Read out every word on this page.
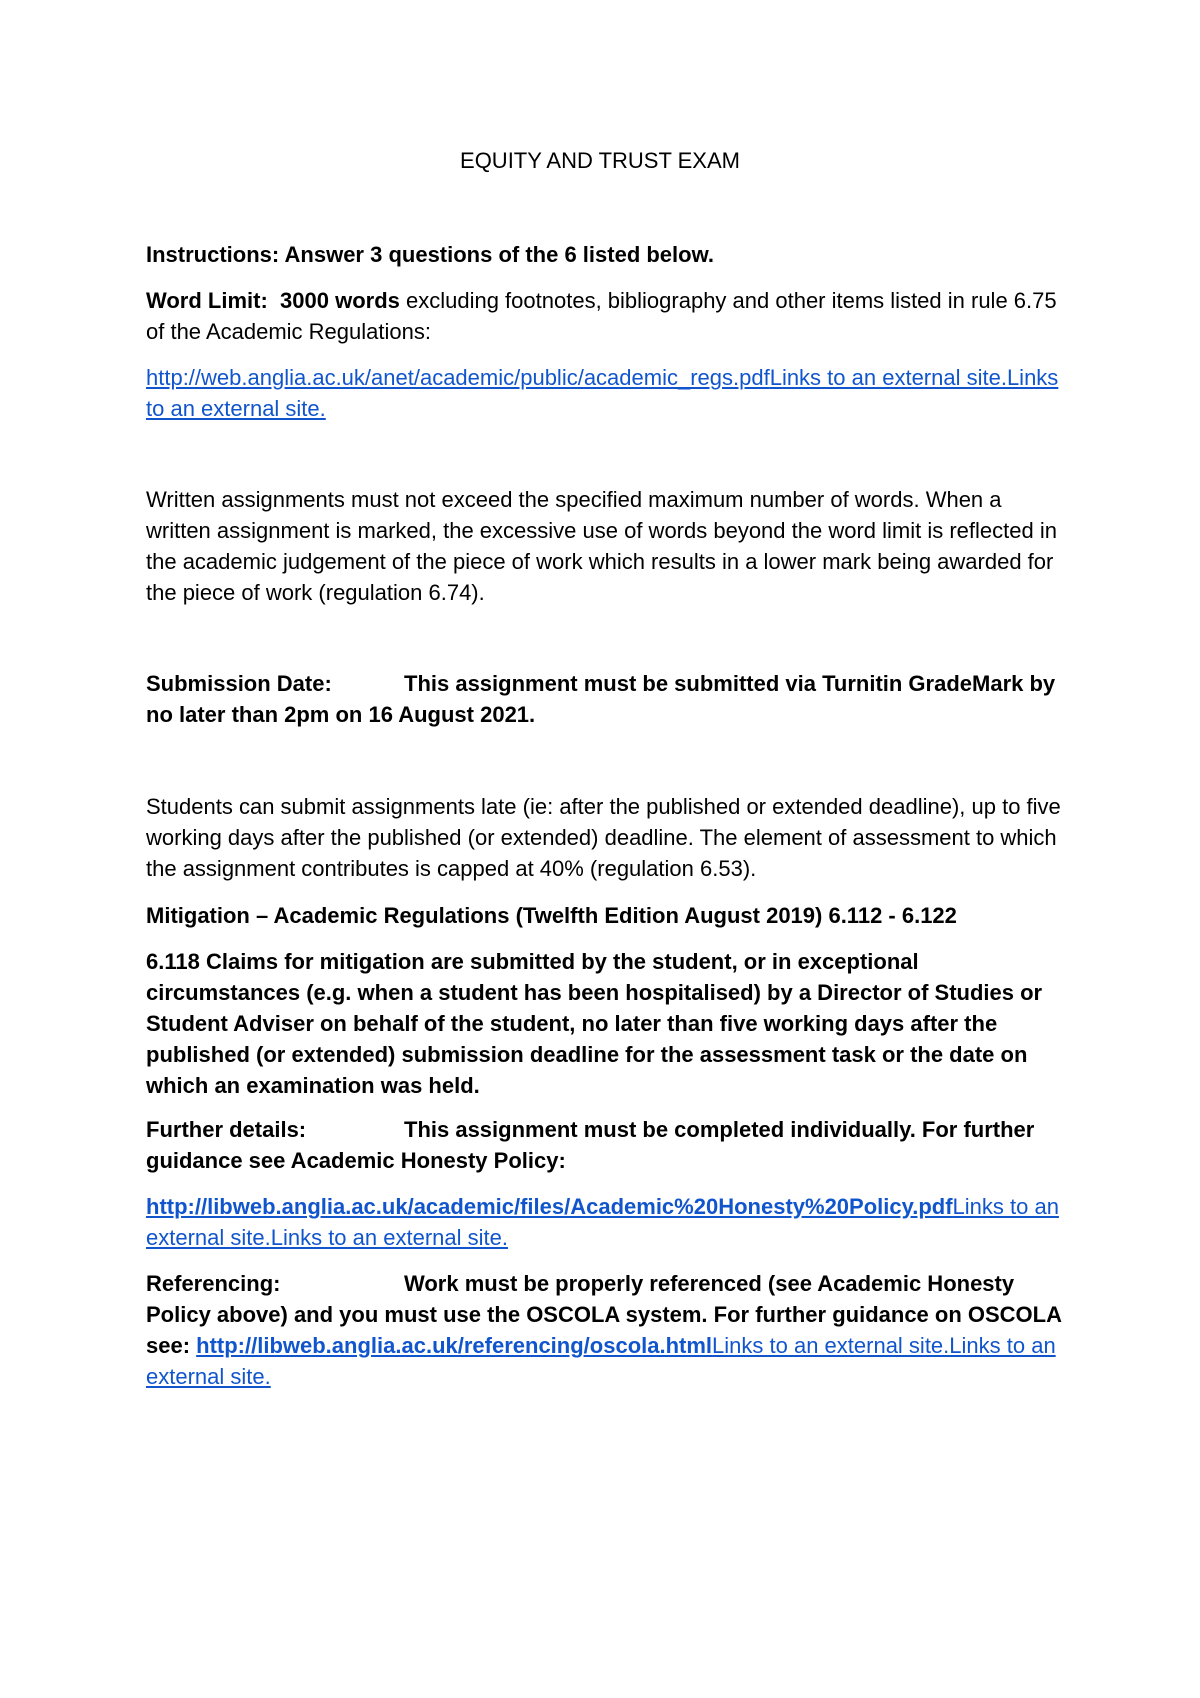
EQUITY AND TRUST EXAM

Instructions: Answer 3 questions of the 6 listed below.

Word Limit: 3000 words excluding footnotes, bibliography and other items listed in rule 6.75 of the Academic Regulations:

http://web.anglia.ac.uk/anet/academic/public/academic_regs.pdfLinks to an external site.Links to an external site.

Written assignments must not exceed the specified maximum number of words. When a written assignment is marked, the excessive use of words beyond the word limit is reflected in the academic judgement of the piece of work which results in a lower mark being awarded for the piece of work (regulation 6.74).

Submission Date:	This assignment must be submitted via Turnitin GradeMark by no later than 2pm on 16 August 2021.

Students can submit assignments late (ie: after the published or extended deadline), up to five working days after the published (or extended) deadline. The element of assessment to which the assignment contributes is capped at 40% (regulation 6.53).

Mitigation – Academic Regulations (Twelfth Edition August 2019) 6.112 - 6.122

6.118 Claims for mitigation are submitted by the student, or in exceptional circumstances (e.g. when a student has been hospitalised) by a Director of Studies or Student Adviser on behalf of the student, no later than five working days after the published (or extended) submission deadline for the assessment task or the date on which an examination was held.

Further details:	This assignment must be completed individually. For further guidance see Academic Honesty Policy:

http://libweb.anglia.ac.uk/academic/files/Academic%20Honesty%20Policy.pdfLinks to an external site.Links to an external site.

Referencing:	Work must be properly referenced (see Academic Honesty Policy above) and you must use the OSCOLA system. For further guidance on OSCOLA
see: http://libweb.anglia.ac.uk/referencing/oscola.htmlLinks to an external site.Links to an external site.
